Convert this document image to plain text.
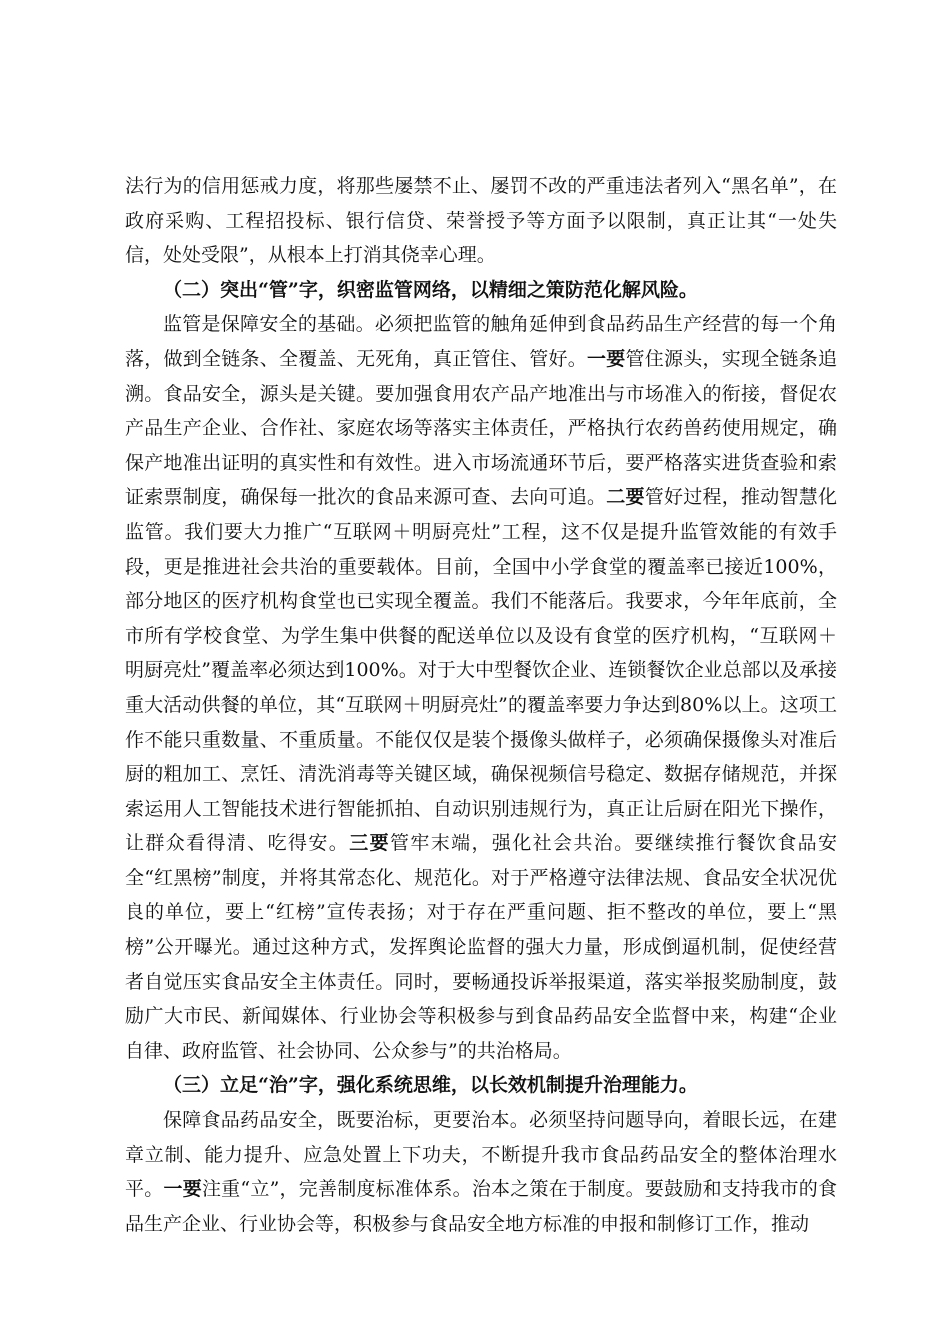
法行为的信用惩戒力度，将那些屡禁不止、屡罚不改的严重违法者列入“黑名单”，在政府采购、工程招投标、银行信贷、荣誉授予等方面予以限制，真正让其“一处失信，处处受限”，从根本上打消其侥幸心理。

（二）突出“管”字，织密监管网络，以精细之策防范化解风险。

监管是保障安全的基础。必须把监管的触角延伸到食品药品生产经营的每一个角落，做到全链条、全覆盖、无死角，真正管住、管好。一要管住源头，实现全链条追溯。食品安全，源头是关键。要加强食用农产品产地准出与市场准入的衔接，督促农产品生产企业、合作社、家庭农场等落实主体责任，严格执行农药兽药使用规定，确保产地准出证明的真实性和有效性。进入市场流通环节后，要严格落实进货查验和索证索票制度，确保每一批次的食品来源可查、去向可追。二要管好过程，推动智慧化监管。我们要大力推广“互联网＋明厨亮灶”工程，这不仅是提升监管效能的有效手段，更是推进社会共治的重要载体。目前，全国中小学食堂的覆盖率已接近100%，部分地区的医疗机构食堂也已实现全覆盖。我们不能落后。我要求，今年年底前，全市所有学校食堂、为学生集中供餐的配送单位以及设有食堂的医疗机构，“互联网＋明厨亮灶”覆盖率必须达到100%。对于大中型餐饮企业、连锁餐饮企业总部以及承接重大活动供餐的单位，其“互联网＋明厨亮灶”的覆盖率要力争达到80%以上。这项工作不能只重数量、不重质量。不能仅仅是装个摄像头做样子，必须确保摄像头对准后厨的粗加工、烹饪、清洗消毒等关键区域，确保视频信号稳定、数据存储规范，并探索运用人工智能技术进行智能抓拍、自动识别违规行为，真正让后厨在阳光下操作，让群众看得清、吃得安。三要管牢末端，强化社会共治。要继续推行餐饮食品安全“红黑榜”制度，并将其常态化、规范化。对于严格遵守法律法规、食品安全状况优良的单位，要上“红榜”宣传表扬；对于存在严重问题、拒不整改的单位，要上“黑榜”公开曝光。通过这种方式，发挥舆论监督的强大力量，形成倒逼机制，促使经营者自觉压实食品安全主体责任。同时，要畅通投诉举报渠道，落实举报奖励制度，鼓励广大市民、新闻媒体、行业协会等积极参与到食品药品安全监督中来，构建“企业自律、政府监管、社会协同、公众参与”的共治格局。

（三）立足“治”字，强化系统思维，以长效机制提升治理能力。

保障食品药品安全，既要治标，更要治本。必须坚持问题导向，着眼长远，在建章立制、能力提升、应急处置上下功夫，不断提升我市食品药品安全的整体治理水平。一要注重“立”，完善制度标准体系。治本之策在于制度。要鼓励和支持我市的食品生产企业、行业协会等，积极参与食品安全地方标准的申报和制修订工作，推动
